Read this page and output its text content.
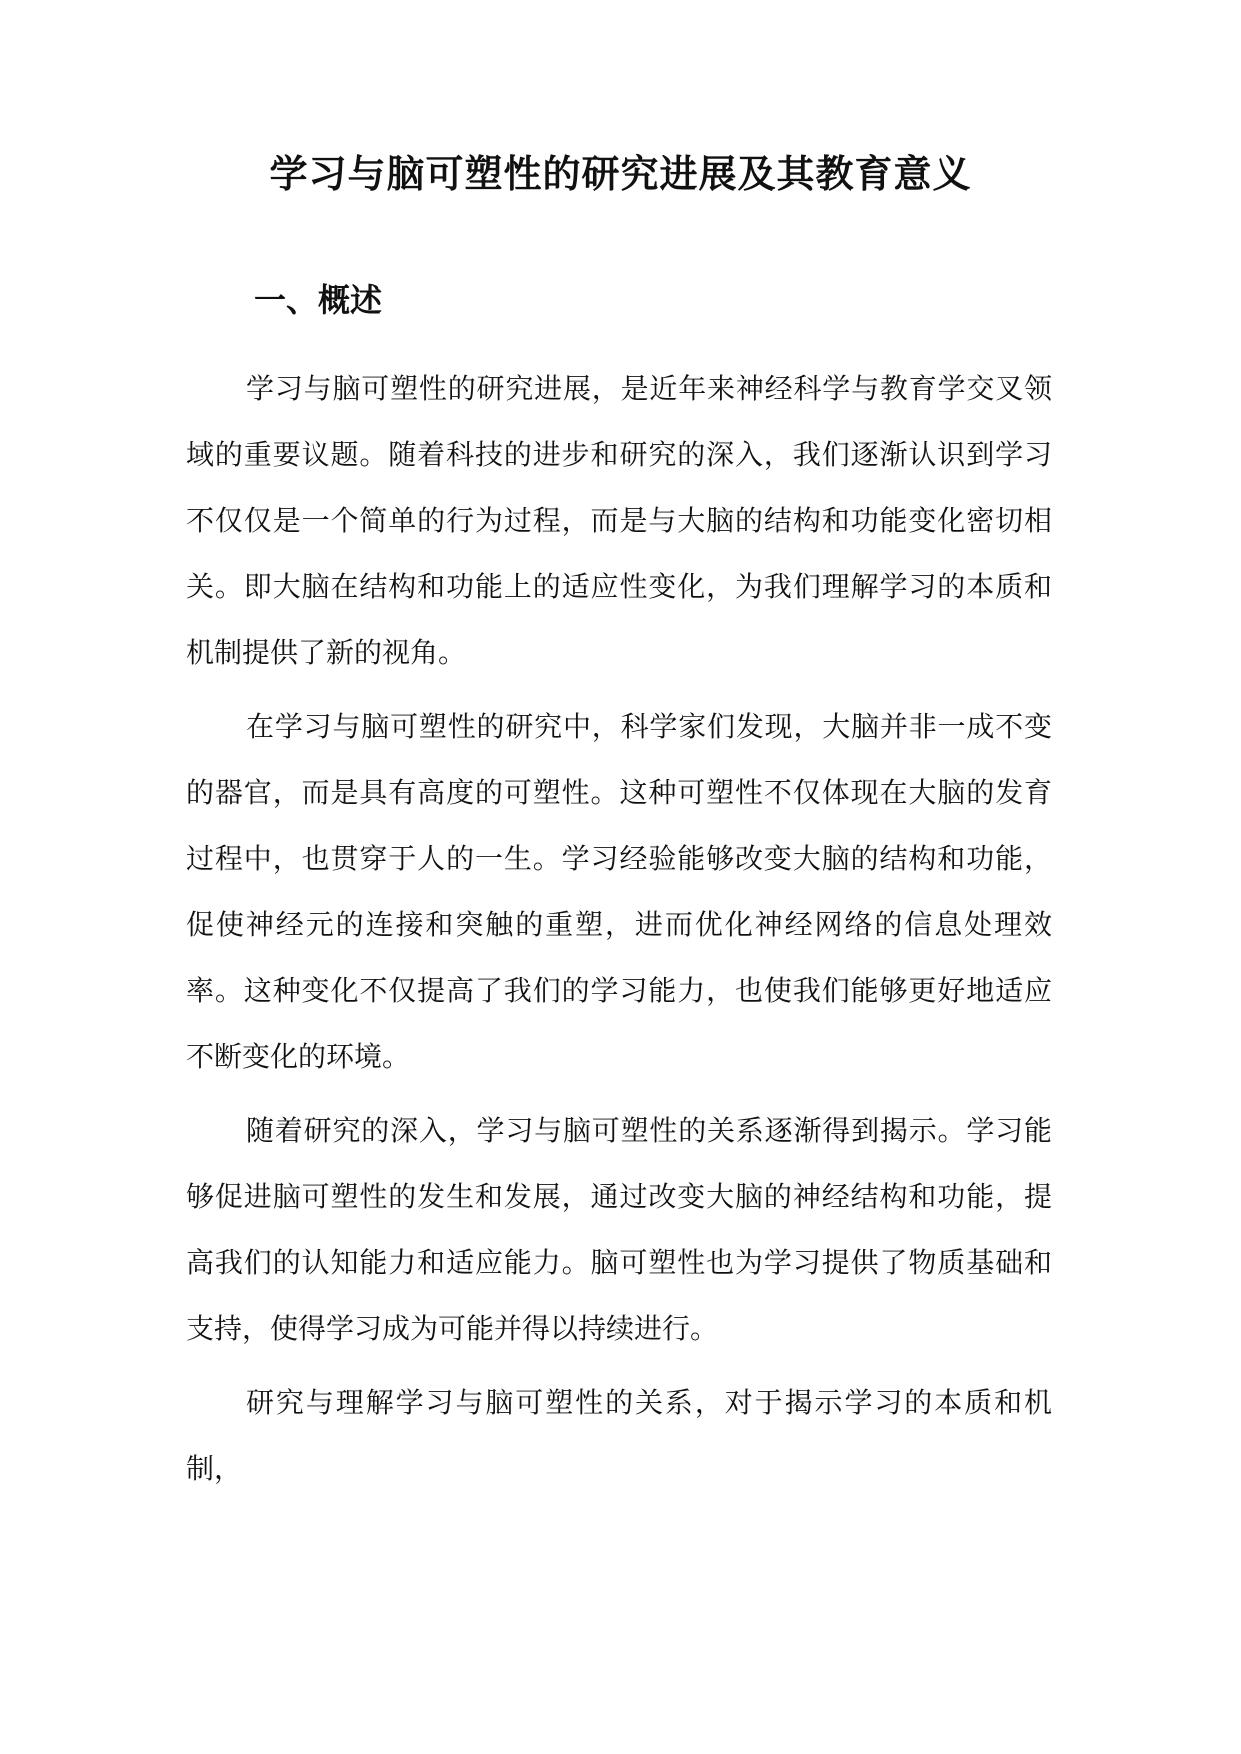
学习与脑可塑性的研究进展及其教育意义
一、概述

学习与脑可塑性的研究进展，是近年来神经科学与教育学交叉领域的重要议题。随着科技的进步和研究的深入，我们逐渐认识到学习不仅仅是一个简单的行为过程，而是与大脑的结构和功能变化密切相关。即大脑在结构和功能上的适应性变化，为我们理解学习的本质和机制提供了新的视角。

在学习与脑可塑性的研究中，科学家们发现，大脑并非一成不变的器官，而是具有高度的可塑性。这种可塑性不仅体现在大脑的发育过程中，也贯穿于人的一生。学习经验能够改变大脑的结构和功能，促使神经元的连接和突触的重塑，进而优化神经网络的信息处理效率。这种变化不仅提高了我们的学习能力，也使我们能够更好地适应不断变化的环境。

随着研究的深入，学习与脑可塑性的关系逐渐得到揭示。学习能够促进脑可塑性的发生和发展，通过改变大脑的神经结构和功能，提高我们的认知能力和适应能力。脑可塑性也为学习提供了物质基础和支持，使得学习成为可能并得以持续进行。

研究与理解学习与脑可塑性的关系，对于揭示学习的本质和机制，
